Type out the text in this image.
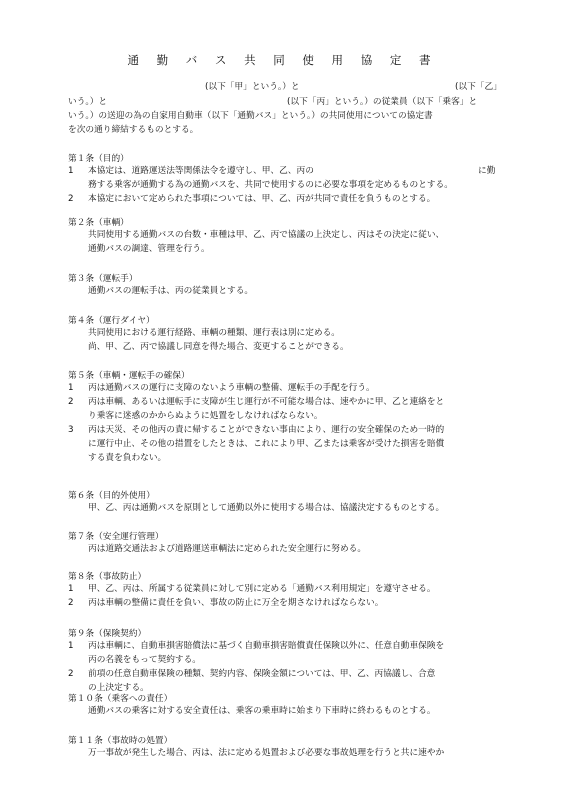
通 勤 バ ス 共 同 使 用 協 定 書
(以下「甲」という。）と	(以下「乙」
いう。）と	(以下「丙」という。）の従業員（以下「乗客」と
いう。）の送迎の為の自家用自動車（以下「通勤バス」という。）の共同使用についての協定書
を次の通り締結するものとする。
第１条（目的）
1 本協定は、道路運送法等関係法令を遵守し、甲、乙、丙の	に勤
務する乗客が通勤する為の通勤バスを、共同で使用するのに必要な事項を定めるものとする。
2 本協定において定められた事項については、甲、乙、丙が共同で責任を負うものとする。
第２条（車輌）
共同使用する通勤バスの台数・車種は甲、乙、丙で協議の上決定し、丙はその決定に従い、
通勤バスの調達、管理を行う。
第３条（運転手）
通勤バスの運転手は、丙の従業員とする。
第４条（運行ダイヤ）
共同使用における運行経路、車輌の種類、運行表は別に定める。
尚、甲、乙、丙で協議し同意を得た場合、変更することができる。
第５条（車輌・運転手の確保）
1 丙は通勤バスの運行に支障のないよう車輌の整備、運転手の手配を行う。
2 丙は車輌、あるいは運転手に支障が生じ運行が不可能な場合は、速やかに甲、乙と連絡をと
り乗客に迷惑のかからぬように処置をしなければならない。
3 丙は天災、その他丙の責に帰することができない事由により、運行の安全確保のため一時的
に運行中止、その他の措置をしたときは、これにより甲、乙または乗客が受けた損害を賠償
する責を負わない。
第６条（目的外使用）
甲、乙、丙は通勤バスを原則として通勤以外に使用する場合は、協議決定するものとする。
第７条（安全運行管理）
丙は道路交通法および道路運送車輌法に定められた安全運行に努める。
第８条（事故防止）
1 甲、乙、丙は、所属する従業員に対して別に定める「通勤バス利用規定」を遵守させる。
2 丙は車輌の整備に責任を負い、事故の防止に万全を期さなければならない。
第９条（保険契約）
1 丙は車輌に、自動車損害賠償法に基づく自動車損害賠償責任保険以外に、任意自動車保険を
丙の名義をもって契約する。
2 前項の任意自動車保険の種類、契約内容、保険金額については、甲、乙、丙協議し、合意
の上決定する。
第１０条（乗客への責任）
通勤バスの乗客に対する安全責任は、乗客の乗車時に始まり下車時に終わるものとする。
第１１条（事故時の処置）
万一事故が発生した場合、丙は、法に定める処置および必要な事故処理を行うと共に速やか
